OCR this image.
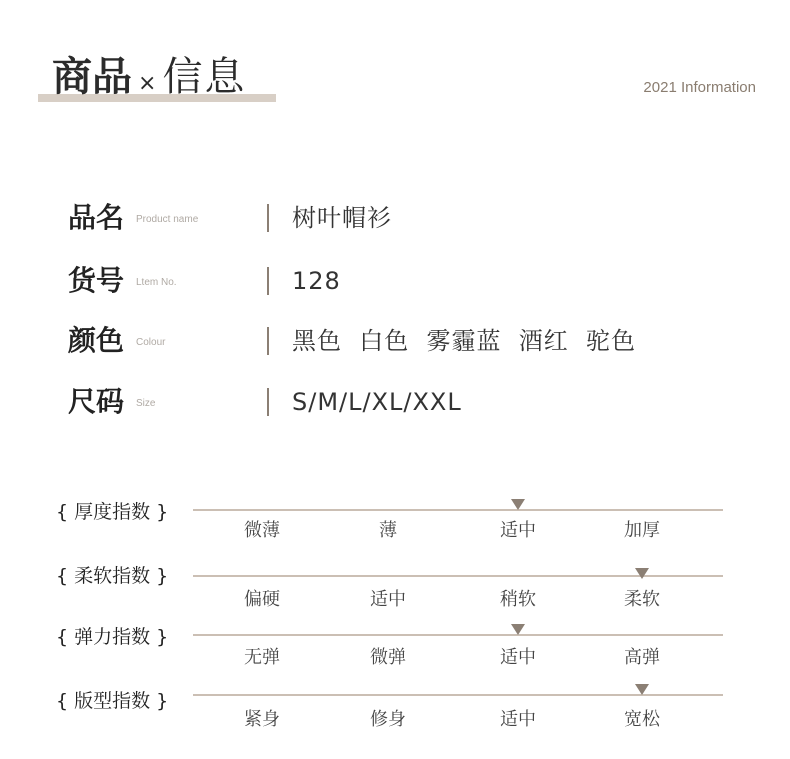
商品 × 信息	2021 Information
品名 Product name	树叶帽衫
货号 Ltem No.	128
颜色 Colour	黑色  白色  雾霾蓝  酒红  驼色
尺码 Size	S/M/L/XL/XXL
{ 厚度指数 }
微薄	薄	适中	加厚
{ 柔软指数 }
偏硬	适中	稍软	柔软
{ 弹力指数 }
无弹	微弹	适中	高弹
{ 版型指数 }
紧身	修身	适中	宽松
